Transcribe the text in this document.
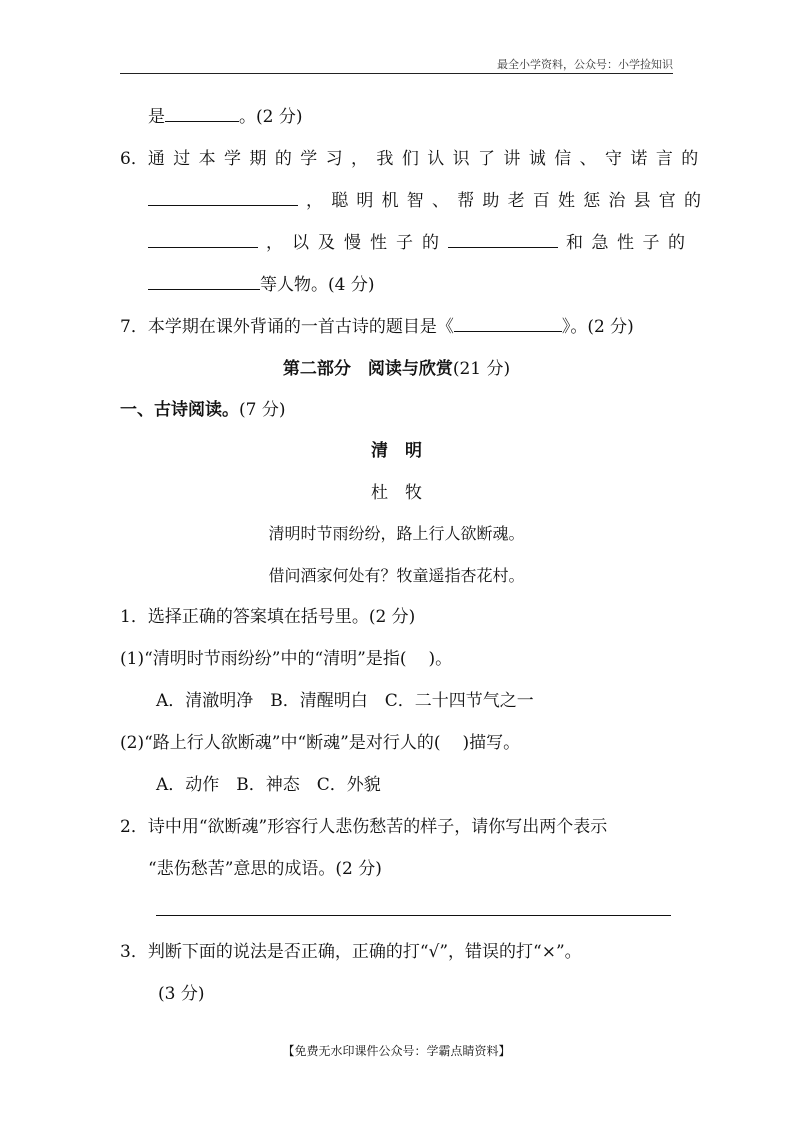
最全小学资料，公众号：小学捡知识
是	。(2 分)
6．通过本学期的学习，我们认识了讲诚信、守诺言的
，聪明机智、帮助老百姓惩治县官的
，以及慢性子的	和急性子的
等人物。(4 分)
7．本学期在课外背诵的一首古诗的题目是《	》。(2 分)
第二部分　阅读与欣赏(21 分)
一、古诗阅读。(7 分)
清　明
杜　牧
清明时节雨纷纷，路上行人欲断魂。
借问酒家何处有？牧童遥指杏花村。
1．选择正确的答案填在括号里。(2 分)
(1)“清明时节雨纷纷”中的“清明”是指( )。
A．清澈明净　B．清醒明白　C．二十四节气之一
(2)“路上行人欲断魂”中“断魂”是对行人的( )描写。
A．动作　B．神态　C．外貌
2．诗中用“欲断魂”形容行人悲伤愁苦的样子，请你写出两个表示
“悲伤愁苦”意思的成语。(2 分)
3．判断下面的说法是否正确，正确的打“√”，错误的打“×”。
(3 分)
【免费无水印课件公众号：学霸点睛资料】
